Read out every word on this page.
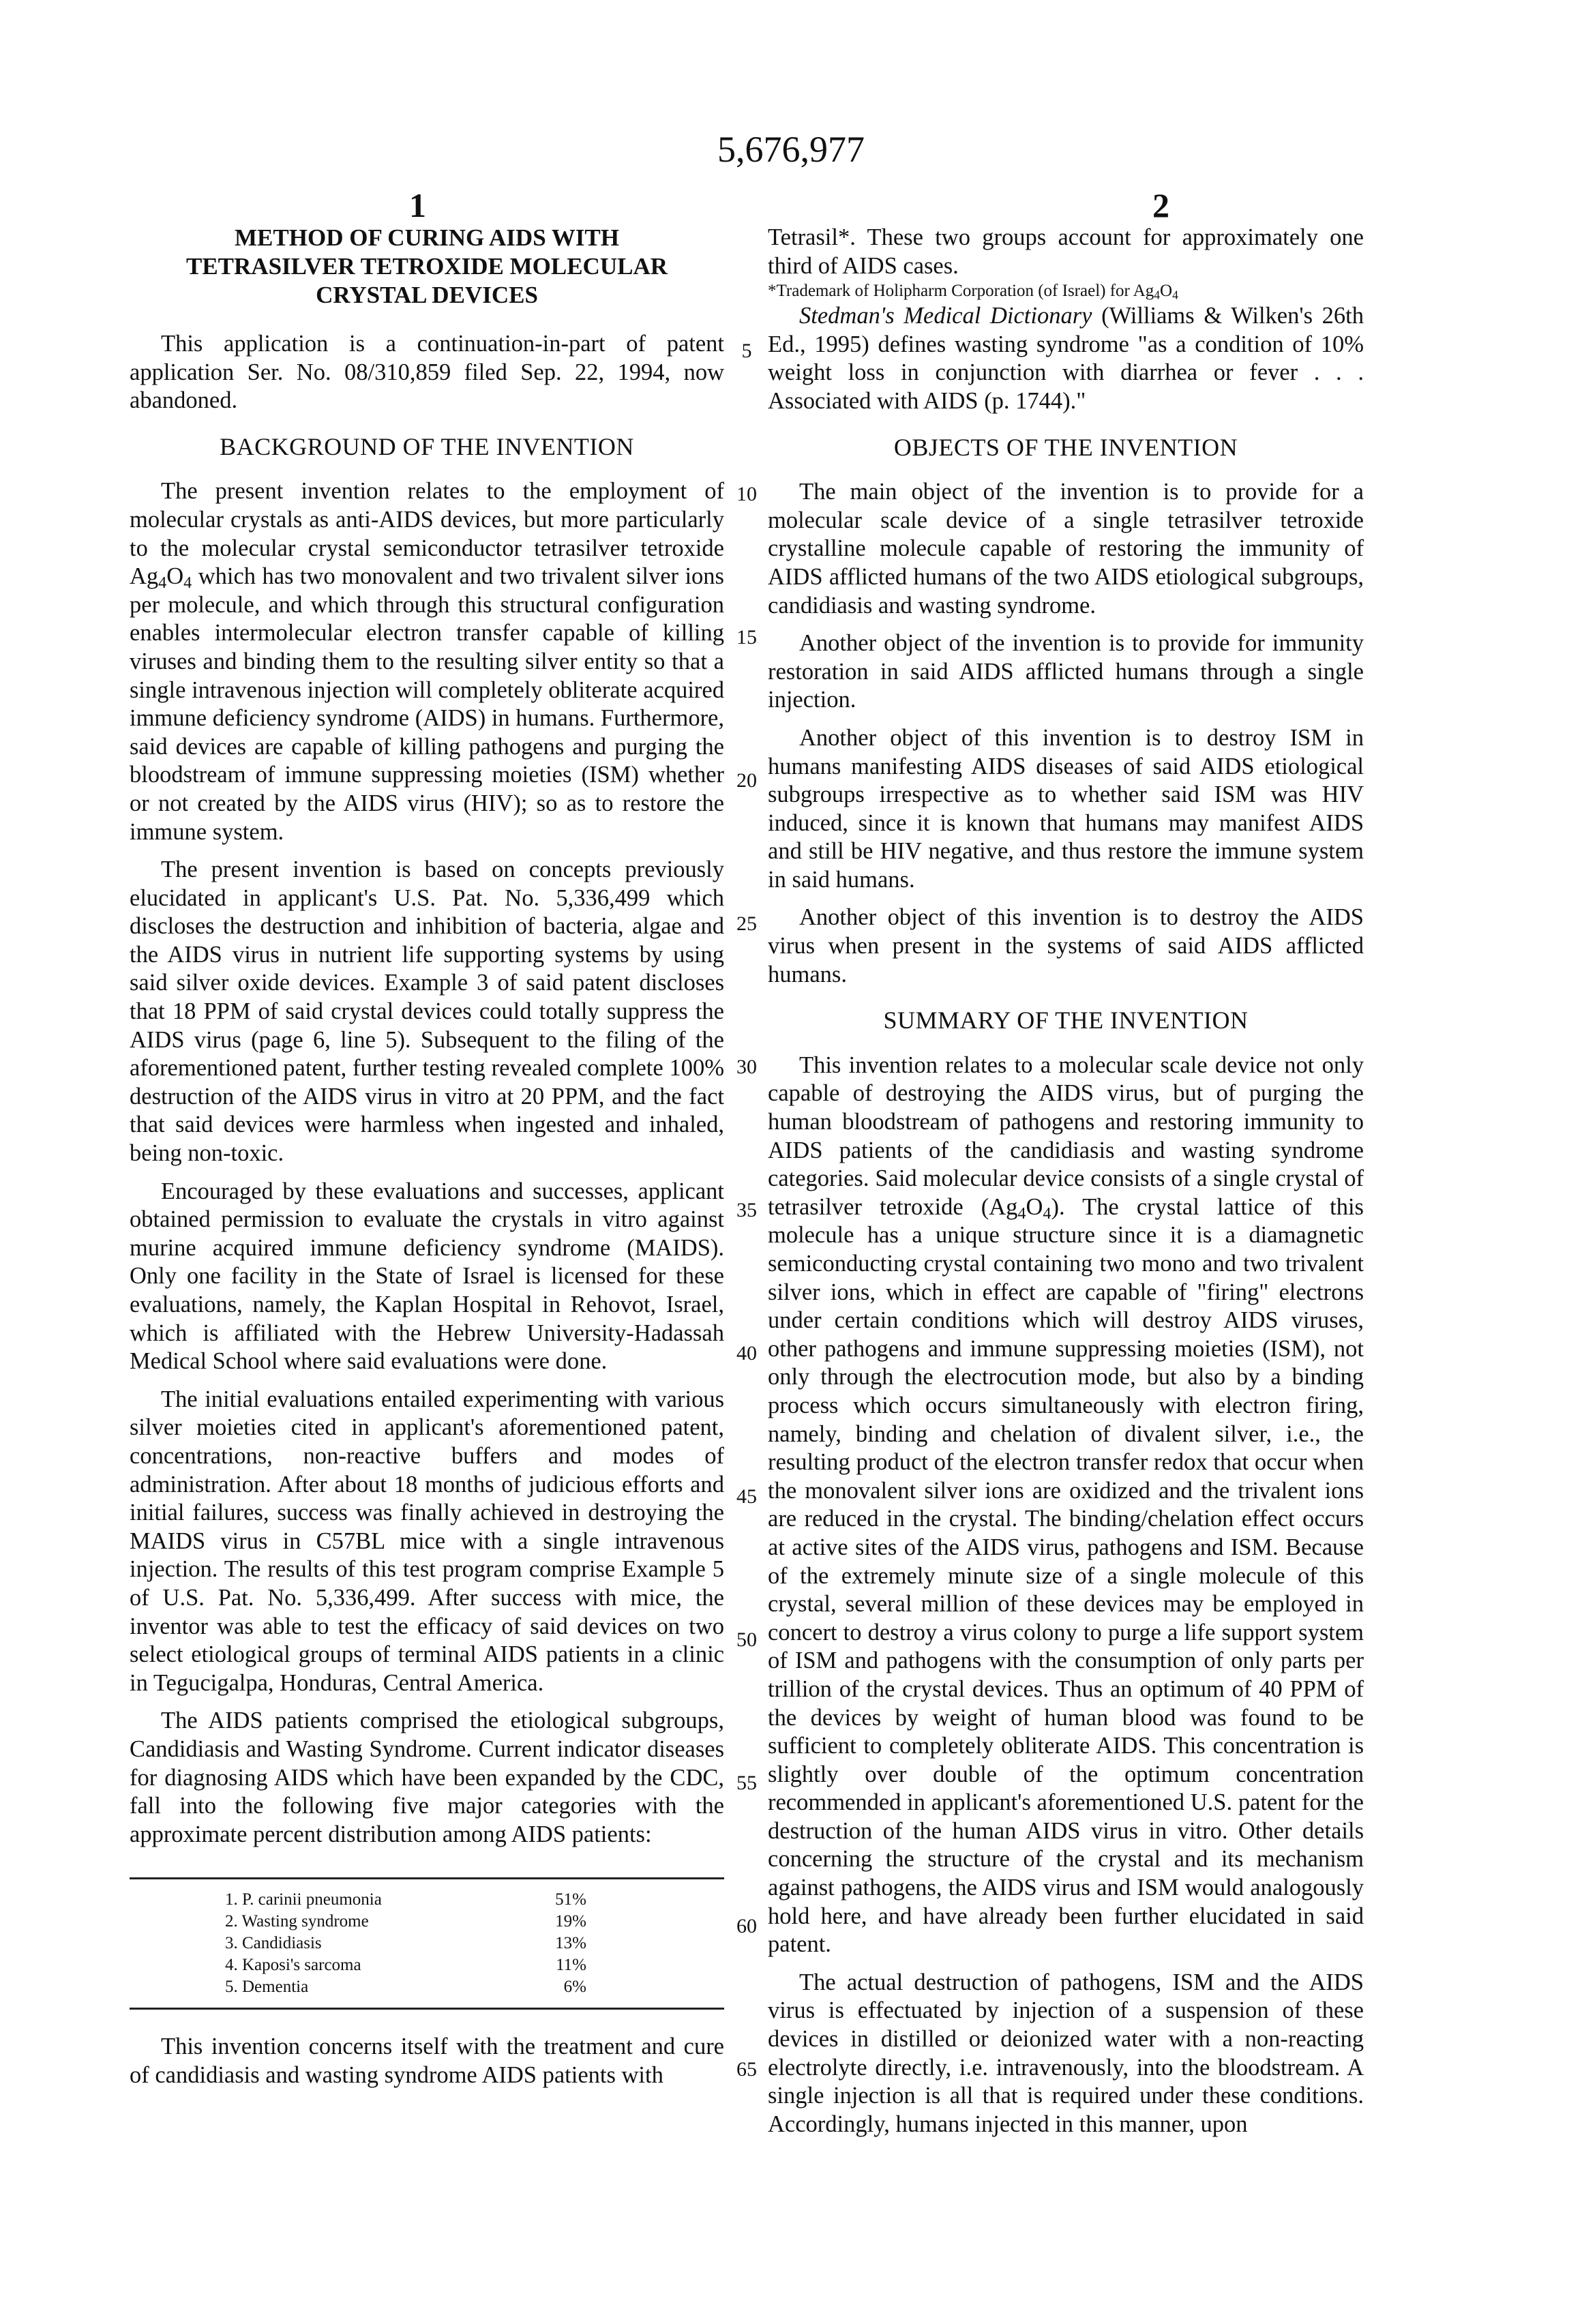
5,676,977
1	2
METHOD OF CURING AIDS WITH
TETRASILVER TETROXIDE MOLECULAR
CRYSTAL DEVICES

This application is a continuation-in-part of patent application Ser. No. 08/310,859 filed Sep. 22, 1994, now abandoned.

BACKGROUND OF THE INVENTION

The present invention relates to the employment of molecular crystals as anti-AIDS devices, but more particularly to the molecular crystal semiconductor tetrasilver tetroxide $Ag_4O_4$ which has two monovalent and two trivalent silver ions per molecule, and which through this structural configuration enables intermolecular electron transfer capable of killing viruses and binding them to the resulting silver entity so that a single intravenous injection will completely obliterate acquired immune deficiency syndrome (AIDS) in humans. Furthermore, said devices are capable of killing pathogens and purging the bloodstream of immune suppressing moieties (ISM) whether or not created by the AIDS virus (HIV); so as to restore the immune system.

The present invention is based on concepts previously elucidated in applicant's U.S. Pat. No. 5,336,499 which discloses the destruction and inhibition of bacteria, algae and the AIDS virus in nutrient life supporting systems by using said silver oxide devices. Example 3 of said patent discloses that 18 PPM of said crystal devices could totally suppress the AIDS virus (page 6, line 5). Subsequent to the filing of the aforementioned patent, further testing revealed complete 100% destruction of the AIDS virus in vitro at 20 PPM, and the fact that said devices were harmless when ingested and inhaled, being non-toxic.

Encouraged by these evaluations and successes, applicant obtained permission to evaluate the crystals in vitro against murine acquired immune deficiency syndrome (MAIDS). Only one facility in the State of Israel is licensed for these evaluations, namely, the Kaplan Hospital in Rehovot, Israel, which is affiliated with the Hebrew University-Hadassah Medical School where said evaluations were done.

The initial evaluations entailed experimenting with various silver moieties cited in applicant's aforementioned patent, concentrations, non-reactive buffers and modes of administration. After about 18 months of judicious efforts and initial failures, success was finally achieved in destroying the MAIDS virus in C57BL mice with a single intravenous injection. The results of this test program comprise Example 5 of U.S. Pat. No. 5,336,499. After success with mice, the inventor was able to test the efficacy of said devices on two select etiological groups of terminal AIDS patients in a clinic in Tegucigalpa, Honduras, Central America.

The AIDS patients comprised the etiological subgroups, Candidiasis and Wasting Syndrome. Current indicator diseases for diagnosing AIDS which have been expanded by the CDC, fall into the following five major categories with the approximate percent distribution among AIDS patients:

1. P. carinii pneumonia	51%	
2. Wasting syndrome	19%	
3. Candidiasis	13%	
4. Kaposi's sarcoma	11%	
5. Dementia	6%	

This invention concerns itself with the treatment and cure of candidiasis and wasting syndrome AIDS patients with

5
10
15
20
25
30
35
40
45
50
55
60
65

Tetrasil*. These two groups account for approximately one third of AIDS cases.

*Trademark of Holipharm Corporation (of Israel) for $Ag_4O_4$

Stedman's Medical Dictionary (Williams & Wilken's 26th Ed., 1995) defines wasting syndrome "as a condition of 10% weight loss in conjunction with diarrhea or fever . . . Associated with AIDS (p. 1744)."

OBJECTS OF THE INVENTION

The main object of the invention is to provide for a molecular scale device of a single tetrasilver tetroxide crystalline molecule capable of restoring the immunity of AIDS afflicted humans of the two AIDS etiological subgroups, candidiasis and wasting syndrome.

Another object of the invention is to provide for immunity restoration in said AIDS afflicted humans through a single injection.

Another object of this invention is to destroy ISM in humans manifesting AIDS diseases of said AIDS etiological subgroups irrespective as to whether said ISM was HIV induced, since it is known that humans may manifest AIDS and still be HIV negative, and thus restore the immune system in said humans.

Another object of this invention is to destroy the AIDS virus when present in the systems of said AIDS afflicted humans.

SUMMARY OF THE INVENTION

This invention relates to a molecular scale device not only capable of destroying the AIDS virus, but of purging the human bloodstream of pathogens and restoring immunity to AIDS patients of the candidiasis and wasting syndrome categories. Said molecular device consists of a single crystal of tetrasilver tetroxide $(Ag_4O_4)$. The crystal lattice of this molecule has a unique structure since it is a diamagnetic semiconducting crystal containing two mono and two trivalent silver ions, which in effect are capable of "firing" electrons under certain conditions which will destroy AIDS viruses, other pathogens and immune suppressing moieties (ISM), not only through the electrocution mode, but also by a binding process which occurs simultaneously with electron firing, namely, binding and chelation of divalent silver, i.e., the resulting product of the electron transfer redox that occur when the monovalent silver ions are oxidized and the trivalent ions are reduced in the crystal. The binding/chelation effect occurs at active sites of the AIDS virus, pathogens and ISM. Because of the extremely minute size of a single molecule of this crystal, several million of these devices may be employed in concert to destroy a virus colony to purge a life support system of ISM and pathogens with the consumption of only parts per trillion of the crystal devices. Thus an optimum of 40 PPM of the devices by weight of human blood was found to be sufficient to completely obliterate AIDS. This concentration is slightly over double of the optimum concentration recommended in applicant's aforementioned U.S. patent for the destruction of the human AIDS virus in vitro. Other details concerning the structure of the crystal and its mechanism against pathogens, the AIDS virus and ISM would analogously hold here, and have already been further elucidated in said patent.

The actual destruction of pathogens, ISM and the AIDS virus is effectuated by injection of a suspension of these devices in distilled or deionized water with a non-reacting electrolyte directly, i.e. intravenously, into the bloodstream. A single injection is all that is required under these conditions. Accordingly, humans injected in this manner, upon
